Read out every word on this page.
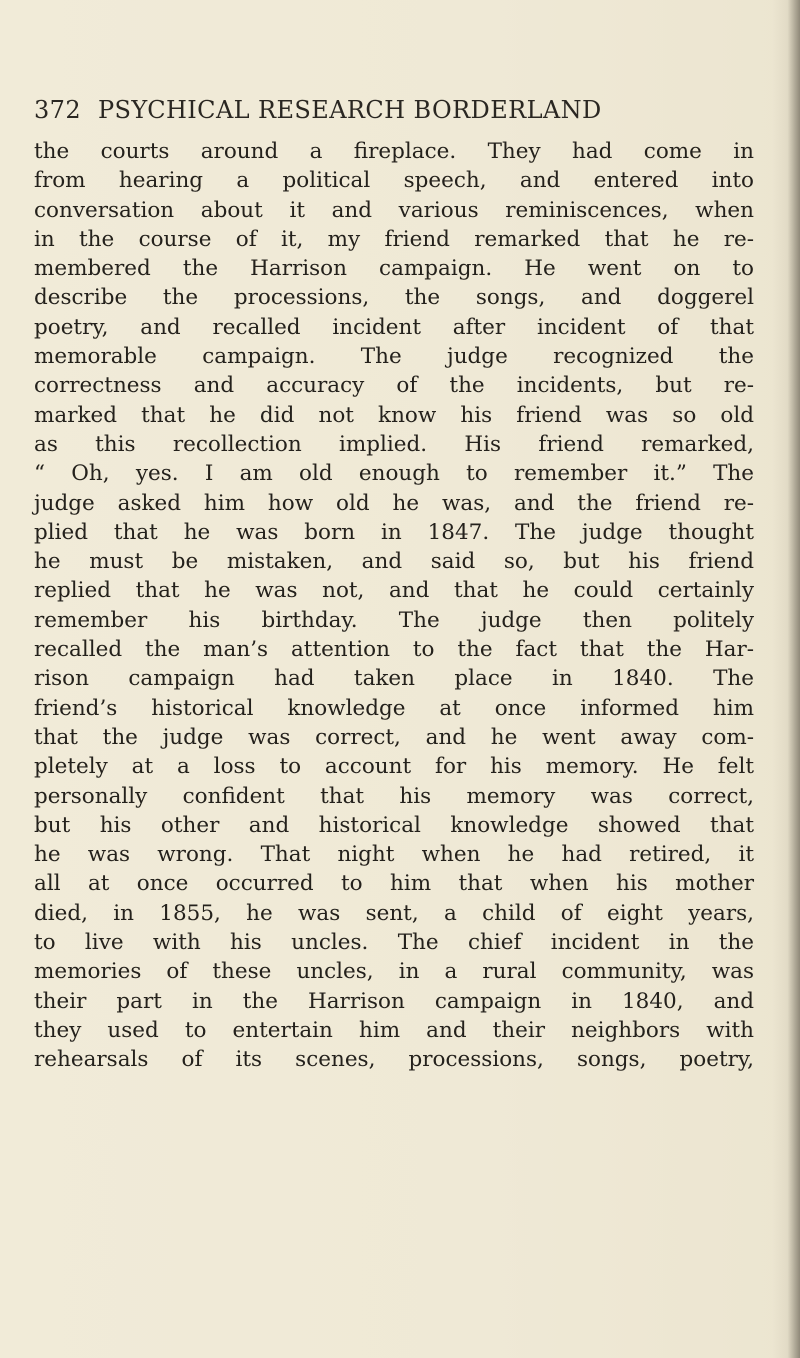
372 PSYCHICAL RESEARCH BORDERLAND
the courts around a fireplace. They had come in
from hearing a political speech, and entered into
conversation about it and various reminiscences, when
in the course of it, my friend remarked that he re-
membered the Harrison campaign. He went on to
describe the processions, the songs, and doggerel
poetry, and recalled incident after incident of that
memorable campaign. The judge recognized the
correctness and accuracy of the incidents, but re-
marked that he did not know his friend was so old
as this recollection implied. His friend remarked,
“ Oh, yes. I am old enough to remember it.” The
judge asked him how old he was, and the friend re-
plied that he was born in 1847. The judge thought
he must be mistaken, and said so, but his friend
replied that he was not, and that he could certainly
remember his birthday. The judge then politely
recalled the man’s attention to the fact that the Har-
rison campaign had taken place in 1840. The
friend’s historical knowledge at once informed him
that the judge was correct, and he went away com-
pletely at a loss to account for his memory. He felt
personally confident that his memory was correct,
but his other and historical knowledge showed that
he was wrong. That night when he had retired, it
all at once occurred to him that when his mother
died, in 1855, he was sent, a child of eight years,
to live with his uncles. The chief incident in the
memories of these uncles, in a rural community, was
their part in the Harrison campaign in 1840, and
they used to entertain him and their neighbors with
rehearsals of its scenes, processions, songs, poetry,
